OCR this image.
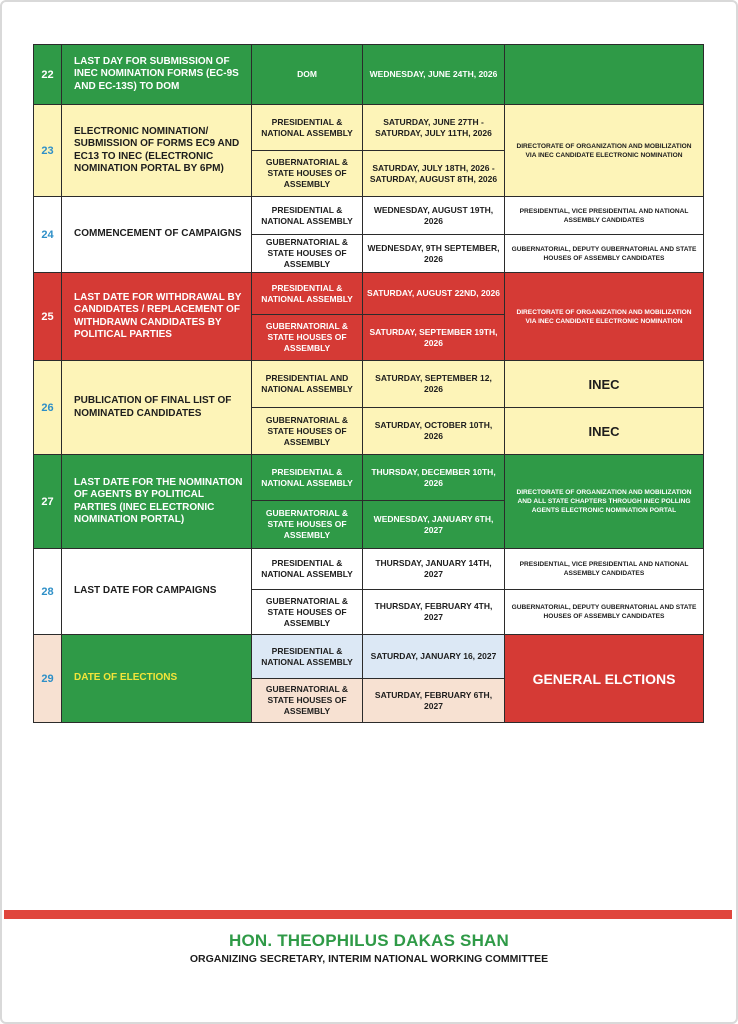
22	LAST DAY FOR SUBMISSION OF INEC NOMINATION FORMS (EC-9S AND EC-13S) TO DOM	DOM	WEDNESDAY, JUNE 24TH, 2026	
23	ELECTRONIC NOMINATION/ SUBMISSION OF FORMS EC9 AND EC13 TO INEC (ELECTRONIC NOMINATION PORTAL BY 6PM)	PRESIDENTIAL & NATIONAL ASSEMBLY	SATURDAY, JUNE 27TH - SATURDAY, JULY 11TH, 2026	DIRECTORATE OF ORGANIZATION AND MOBILIZATION VIA INEC CANDIDATE ELECTRONIC NOMINATION
		GUBERNATORIAL & STATE HOUSES OF ASSEMBLY	SATURDAY, JULY 18TH, 2026 - SATURDAY, AUGUST 8TH, 2026	
24	COMMENCEMENT OF CAMPAIGNS	PRESIDENTIAL & NATIONAL ASSEMBLY	WEDNESDAY, AUGUST 19TH, 2026	PRESIDENTIAL, VICE PRESIDENTIAL AND NATIONAL ASSEMBLY CANDIDATES
		GUBERNATORIAL & STATE HOUSES OF ASSEMBLY	WEDNESDAY, 9TH SEPTEMBER, 2026	GUBERNATORIAL, DEPUTY GUBERNATORIAL AND STATE HOUSES OF ASSEMBLY CANDIDATES
25	LAST DATE FOR WITHDRAWAL BY CANDIDATES / REPLACEMENT OF WITHDRAWN CANDIDATES BY POLITICAL PARTIES	PRESIDENTIAL & NATIONAL ASSEMBLY	SATURDAY, AUGUST 22ND, 2026	DIRECTORATE OF ORGANIZATION AND MOBILIZATION VIA INEC CANDIDATE ELECTRONIC NOMINATION
		GUBERNATORIAL & STATE HOUSES OF ASSEMBLY	SATURDAY, SEPTEMBER 19TH, 2026	
26	PUBLICATION OF FINAL LIST OF NOMINATED CANDIDATES	PRESIDENTIAL AND NATIONAL ASSEMBLY	SATURDAY, SEPTEMBER 12, 2026	INEC
		GUBERNATORIAL & STATE HOUSES OF ASSEMBLY	SATURDAY, OCTOBER 10TH, 2026	INEC
27	LAST DATE FOR THE NOMINATION OF AGENTS BY POLITICAL PARTIES (INEC ELECTRONIC NOMINATION PORTAL)	PRESIDENTIAL & NATIONAL ASSEMBLY	THURSDAY, DECEMBER 10TH, 2026	DIRECTORATE OF ORGANIZATION AND MOBILIZATION AND ALL STATE CHAPTERS THROUGH INEC POLLING AGENTS ELECTRONIC NOMINATION PORTAL
		GUBERNATORIAL & STATE HOUSES OF ASSEMBLY	WEDNESDAY, JANUARY 6TH, 2027	
28	LAST DATE FOR CAMPAIGNS	PRESIDENTIAL & NATIONAL ASSEMBLY	THURSDAY, JANUARY 14TH, 2027	PRESIDENTIAL, VICE PRESIDENTIAL AND NATIONAL ASSEMBLY CANDIDATES
		GUBERNATORIAL & STATE HOUSES OF ASSEMBLY	THURSDAY, FEBRUARY 4TH, 2027	GUBERNATORIAL, DEPUTY GUBERNATORIAL AND STATE HOUSES OF ASSEMBLY CANDIDATES
29	DATE OF ELECTIONS	PRESIDENTIAL & NATIONAL ASSEMBLY	SATURDAY, JANUARY 16, 2027	GENERAL ELCTIONS
		GUBERNATORIAL & STATE HOUSES OF ASSEMBLY	SATURDAY, FEBRUARY 6TH, 2027	
HON. THEOPHILUS DAKAS SHAN
ORGANIZING SECRETARY, INTERIM NATIONAL WORKING COMMITTEE
